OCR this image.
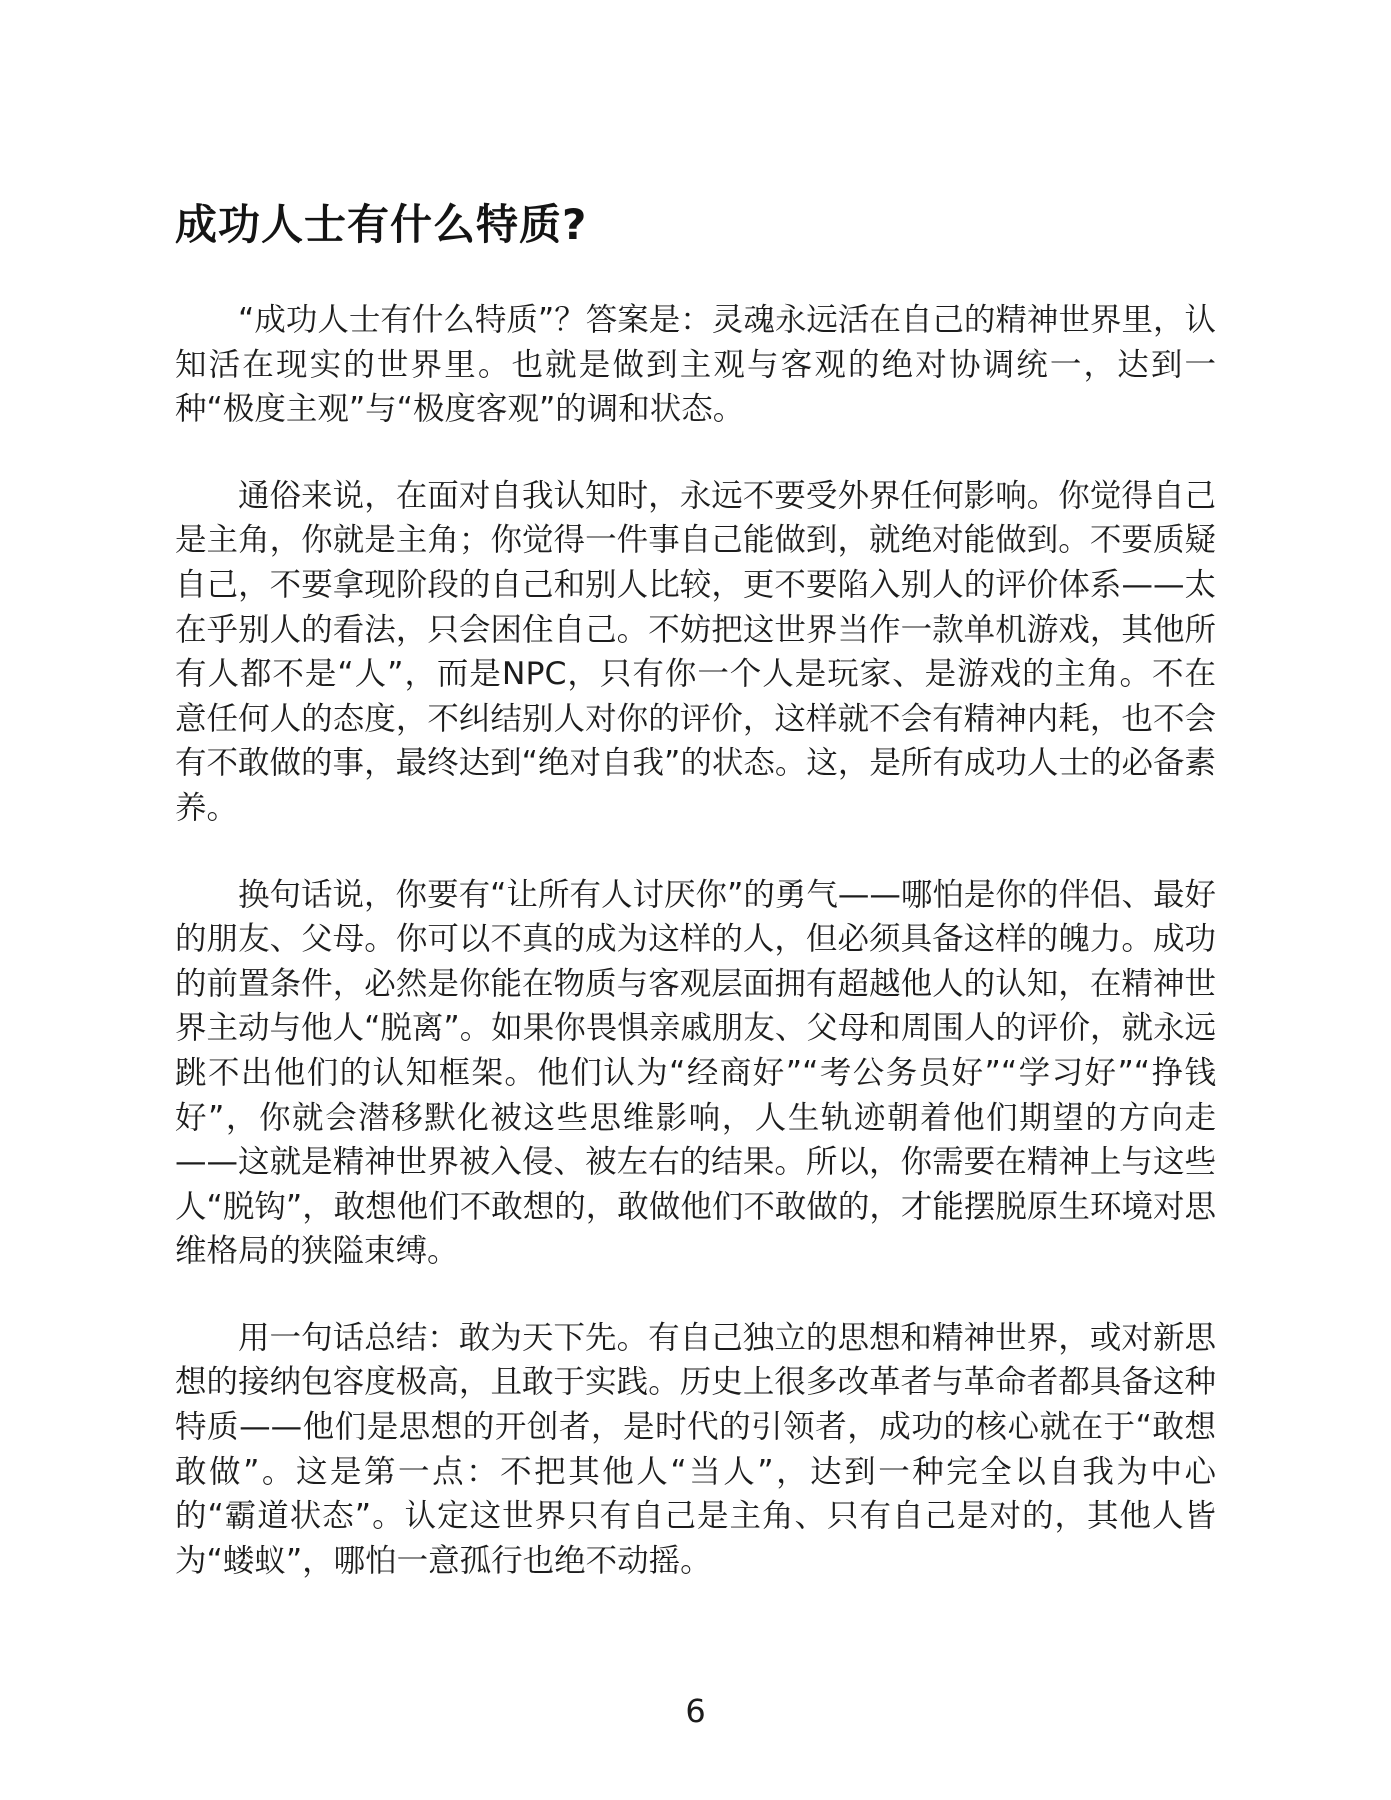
成功人士有什么特质?

“成功人士有什么特质”？答案是：灵魂永远活在自己的精神世界里，认知活在现实的世界里。也就是做到主观与客观的绝对协调统一，达到一种“极度主观”与“极度客观”的调和状态。

通俗来说，在面对自我认知时，永远不要受外界任何影响。你觉得自己是主角，你就是主角；你觉得一件事自己能做到，就绝对能做到。不要质疑自己，不要拿现阶段的自己和别人比较，更不要陷入别人的评价体系——太在乎别人的看法，只会困住自己。不妨把这世界当作一款单机游戏，其他所有人都不是“人”，而是NPC，只有你一个人是玩家、是游戏的主角。不在意任何人的态度，不纠结别人对你的评价，这样就不会有精神内耗，也不会有不敢做的事，最终达到“绝对自我”的状态。这，是所有成功人士的必备素养。

换句话说，你要有“让所有人讨厌你”的勇气——哪怕是你的伴侣、最好的朋友、父母。你可以不真的成为这样的人，但必须具备这样的魄力。成功的前置条件，必然是你能在物质与客观层面拥有超越他人的认知，在精神世界主动与他人“脱离”。如果你畏惧亲戚朋友、父母和周围人的评价，就永远跳不出他们的认知框架。他们认为“经商好”“考公务员好”“学习好”“挣钱好”，你就会潜移默化被这些思维影响，人生轨迹朝着他们期望的方向走——这就是精神世界被入侵、被左右的结果。所以，你需要在精神上与这些人“脱钩”，敢想他们不敢想的，敢做他们不敢做的，才能摆脱原生环境对思维格局的狭隘束缚。

用一句话总结：敢为天下先。有自己独立的思想和精神世界，或对新思想的接纳包容度极高，且敢于实践。历史上很多改革者与革命者都具备这种特质——他们是思想的开创者，是时代的引领者，成功的核心就在于“敢想敢做”。这是第一点：不把其他人“当人”，达到一种完全以自我为中心的“霸道状态”。认定这世界只有自己是主角、只有自己是对的，其他人皆为“蝼蚁”，哪怕一意孤行也绝不动摇。

6
